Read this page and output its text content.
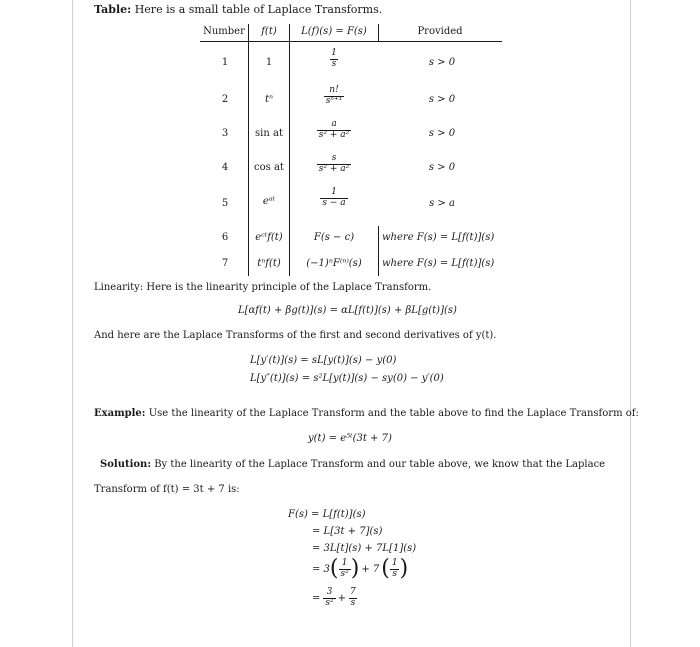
Table: Here is a small table of Laplace Transforms.
Number	f(t)	L(f)(s) = F(s)	Provided
1	1	$\frac{1}{s}$	s > 0
2	tⁿ	$\frac{n!}{\text{sⁿ⁺¹}}$	s > 0
3	sin at	$\frac{a}{\text{s² + a²}}$	s > 0
4	cos at	$\frac{s}{\text{s² + a²}}$	s > 0
5	eᵃᵗ	$\frac{1}{s - a}$	s > a
6	eᶜᵗf(t)	F(s − c)	where F(s) = L[f(t)](s)
7	tⁿf(t)	(−1)ⁿF⁽ⁿ⁾(s)	where F(s) = L[f(t)](s)
Linearity: Here is the linearity principle of the Laplace Transform.
L[αf(t) + βg(t)](s) = αL[f(t)](s) + βL[g(t)](s)
And here are the Laplace Transforms of the first and second derivatives of y(t).
L[y′(t)](s) = sL[y(t)](s) − y(0)
L[y″(t)](s) = s²L[y(t)](s) − sy(0) − y′(0)
Example: Use the linearity of the Laplace Transform and the table above to find the Laplace Transform of:
y(t) = e⁵ᵗ(3t + 7)
Solution: By the linearity of the Laplace Transform and our table above, we know that the Laplace
Transform of f(t) = 3t + 7 is:
F(s) = L[f(t)](s)
= L[3t + 7](s)
= 3L[t](s) + 7L[1](s)
= 3 ( $\frac{1}{\text{s²}}$ ) + 7 ( $\frac{1}{s}$ )
= $\frac{3}{\text{s²}} + \frac{7}{s}$
